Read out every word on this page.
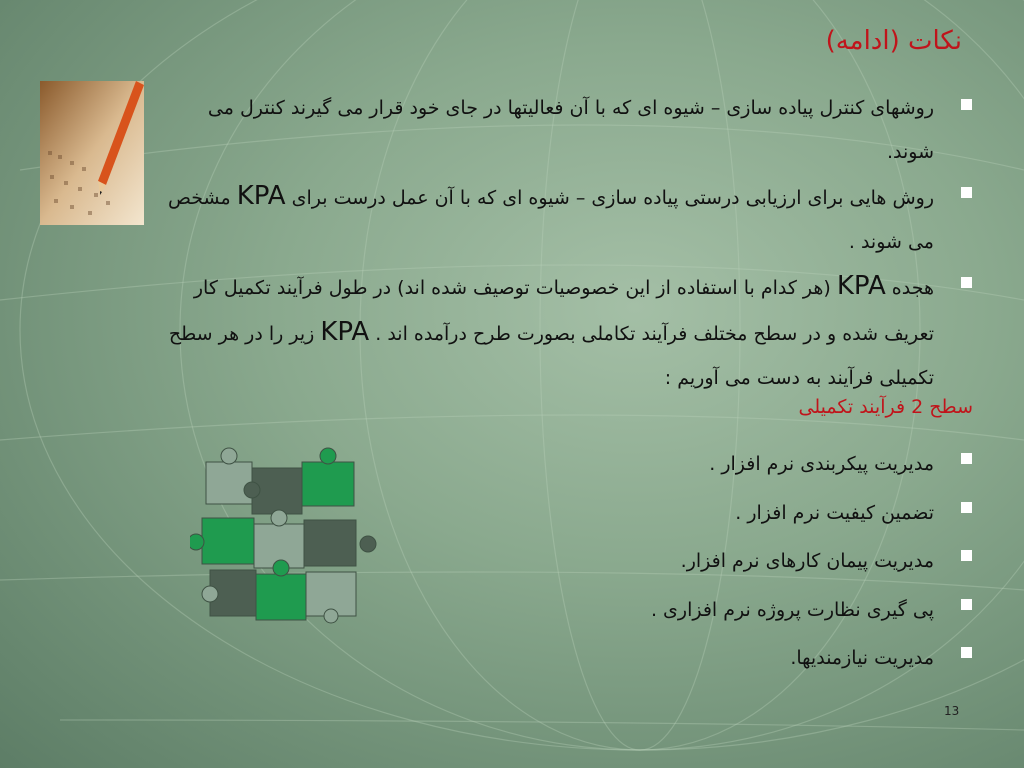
نکات (ادامه)
روشهای کنترل پیاده سازی – شیوه ای که با آن فعالیتها در جای خود قرار می گیرند کنترل می شوند.
روش هایی برای ارزیابی درستی پیاده سازی – شیوه ای که با آن عمل درست برای KPA مشخص می شوند .
هجده KPA (هر کدام با استفاده از این خصوصیات توصیف شده اند) در طول فرآیند تکمیل کار تعریف شده و در سطح مختلف فرآیند تکاملی بصورت طرح درآمده اند . KPA زیر را در هر سطح تکمیلی فرآیند به دست می آوریم :
سطح 2 فرآیند تکمیلی
مدیریت پیکربندی نرم افزار .
تضمین کیفیت نرم افزار .
مدیریت پیمان کارهای نرم افزار.
پی گیری نظارت پروژه نرم افزاری .
مدیریت نیازمندیها.
13
